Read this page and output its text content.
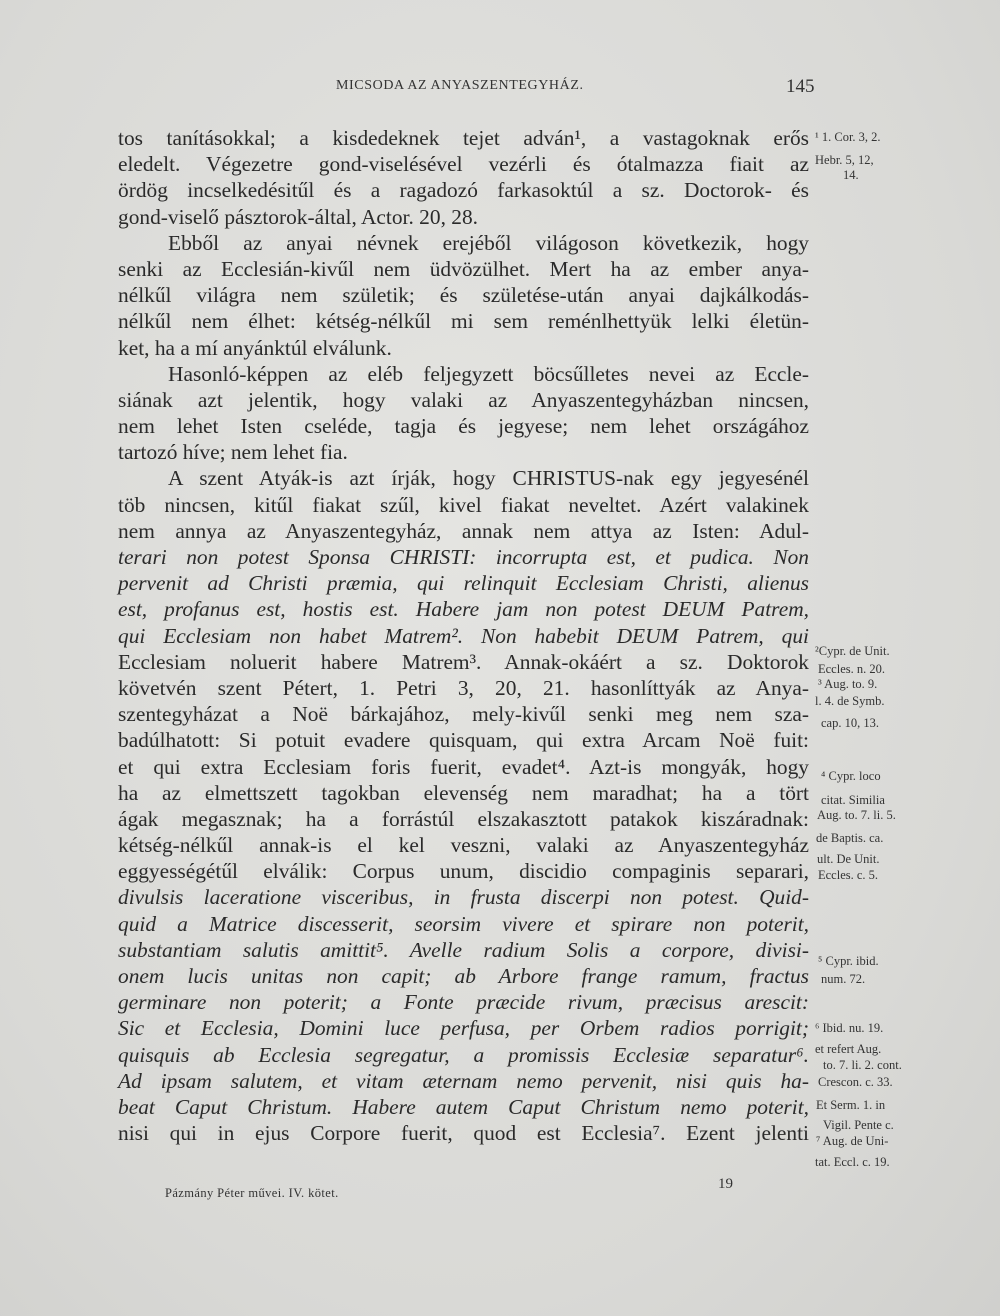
MICSODA AZ ANYASZENTEGYHÁZ.	145
tos tanításokkal; a kisdedeknek tejet adván¹, a vastagoknak erős
eledelt. Végezetre gond-viselésével vezérli és ótalmazza fiait az
ördög incselkedésitűl és a ragadozó farkasoktúl a sz. Doctorok- és
gond-viselő pásztorok-által, Actor. 20, 28.
Ebből az anyai névnek erejéből világoson következik, hogy
senki az Ecclesián-kivűl nem üdvözülhet. Mert ha az ember anya-
nélkűl világra nem születik; és születése-után anyai dajkálkodás-
nélkűl nem élhet: kétség-nélkűl mi sem reménlhettyük lelki életün-
ket, ha a mí anyánktúl elválunk.
Hasonló-képpen az eléb feljegyzett böcsűlletes nevei az Eccle-
siának azt jelentik, hogy valaki az Anyaszentegyházban nincsen,
nem lehet Isten cseléde, tagja és jegyese; nem lehet országához
tartozó híve; nem lehet fia.
A szent Atyák-is azt írják, hogy CHRISTUS-nak egy jegyesénél
töb nincsen, kitűl fiakat szűl, kivel fiakat neveltet. Azért valakinek
nem annya az Anyaszentegyház, annak nem attya az Isten: Adul-
terari non potest Sponsa CHRISTI: incorrupta est, et pudica. Non
pervenit ad Christi præmia, qui relinquit Ecclesiam Christi, alienus
est, profanus est, hostis est. Habere jam non potest DEUM Patrem,
qui Ecclesiam non habet Matrem². Non habebit DEUM Patrem, qui
Ecclesiam noluerit habere Matrem³. Annak-okáért a sz. Doktorok
követvén szent Pétert, 1. Petri 3, 20, 21. hasonlíttyák az Anya-
szentegyházat a Noë bárkajához, mely-kivűl senki meg nem sza-
badúlhatott: Si potuit evadere quisquam, qui extra Arcam Noë fuit:
et qui extra Ecclesiam foris fuerit, evadet⁴. Azt-is mongyák, hogy
ha az elmettszett tagokban elevenség nem maradhat; ha a tört
ágak megasznak; ha a forrástúl elszakasztott patakok kiszáradnak:
kétség-nélkűl annak-is el kel veszni, valaki az Anyaszentegyház
eggyességétűl elválik: Corpus unum, discidio compaginis separari,
divulsis laceratione visceribus, in frusta discerpi non potest. Quid-
quid a Matrice discesserit, seorsim vivere et spirare non poterit,
substantiam salutis amittit⁵. Avelle radium Solis a corpore, divisi-
onem lucis unitas non capit; ab Arbore frange ramum, fractus
germinare non poterit; a Fonte præcide rivum, præcisus arescit:
Sic et Ecclesia, Domini luce perfusa, per Orbem radios porrigit;
quisquis ab Ecclesia segregatur, a promissis Ecclesiæ separatur⁶.
Ad ipsam salutem, et vitam æternam nemo pervenit, nisi quis ha-
beat Caput Christum. Habere autem Caput Christum nemo poterit,
nisi qui in ejus Corpore fuerit, quod est Ecclesia⁷. Ezent jelenti
¹ 1. Cor. 3, 2.
Hebr. 5, 12,
14.
²Cypr. de Unit.
Eccles. n. 20.
³ Aug. to. 9.
l. 4. de Symb.
cap. 10, 13.
⁴ Cypr. loco
citat. Similia
Aug. to. 7. li. 5.
de Baptis. ca.
ult. De Unit.
Eccles. c. 5.
⁵ Cypr. ibid.
num. 72.
⁶ Ibid. nu. 19.
et refert Aug.
to. 7. li. 2. cont.
Crescon. c. 33.
Et Serm. 1. in
Vigil. Pente c.
⁷ Aug. de Uni-
tat. Eccl. c. 19.
19
Pázmány Péter művei. IV. kötet.
